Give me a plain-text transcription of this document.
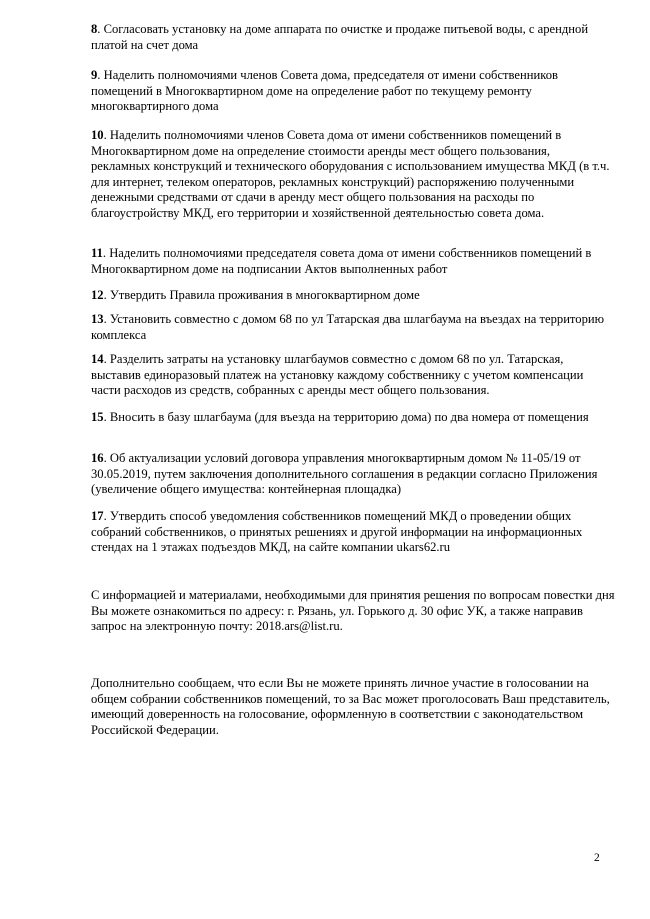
8. Согласовать установку на доме аппарата по очистке и продаже питьевой воды, с арендной платой на счет дома

9. Наделить полномочиями членов Совета дома, председателя от имени собственников помещений в Многоквартирном доме на определение работ по текущему ремонту многоквартирного дома

10. Наделить полномочиями членов Совета дома от имени собственников помещений в Многоквартирном доме на определение стоимости аренды мест общего пользования, рекламных конструкций и технического оборудования с использованием имущества МКД (в т.ч. для интернет, телеком операторов, рекламных конструкций) распоряжению полученными денежными средствами от сдачи в аренду мест общего пользования на расходы по благоустройству МКД, его территории и хозяйственной деятельностью совета дома.

11. Наделить полномочиями председателя совета дома от имени собственников помещений в Многоквартирном доме на подписании Актов выполненных работ

12. Утвердить Правила проживания в многоквартирном доме

13. Установить совместно с домом 68 по ул Татарская два шлагбаума на въездах на территорию комплекса

14. Разделить затраты на установку шлагбаумов совместно с домом 68 по ул. Татарская, выставив единоразовый платеж на установку каждому собственнику с учетом компенсации части расходов из средств, собранных с аренды мест общего пользования.

15. Вносить в базу шлагбаума (для въезда на территорию дома) по два номера от помещения

16. Об актуализации условий договора управления многоквартирным домом № 11-05/19 от 30.05.2019, путем заключения дополнительного соглашения в редакции согласно Приложения (увеличение общего имущества: контейнерная площадка)

17. Утвердить способ уведомления собственников помещений МКД о проведении общих собраний собственников, о принятых решениях и другой информации на информационных стендах на 1 этажах подъездов МКД, на сайте компании ukars62.ru

С информацией и материалами, необходимыми для принятия решения по вопросам повестки дня Вы можете ознакомиться по адресу: г. Рязань, ул. Горького д. 30 офис УК, а также направив запрос на электронную почту: 2018.ars@list.ru.

Дополнительно сообщаем, что если Вы не можете принять личное участие в голосовании на общем собрании собственников помещений, то за Вас может проголосовать Ваш представитель, имеющий доверенность на голосование, оформленную в соответствии с законодательством Российской Федерации.

2
